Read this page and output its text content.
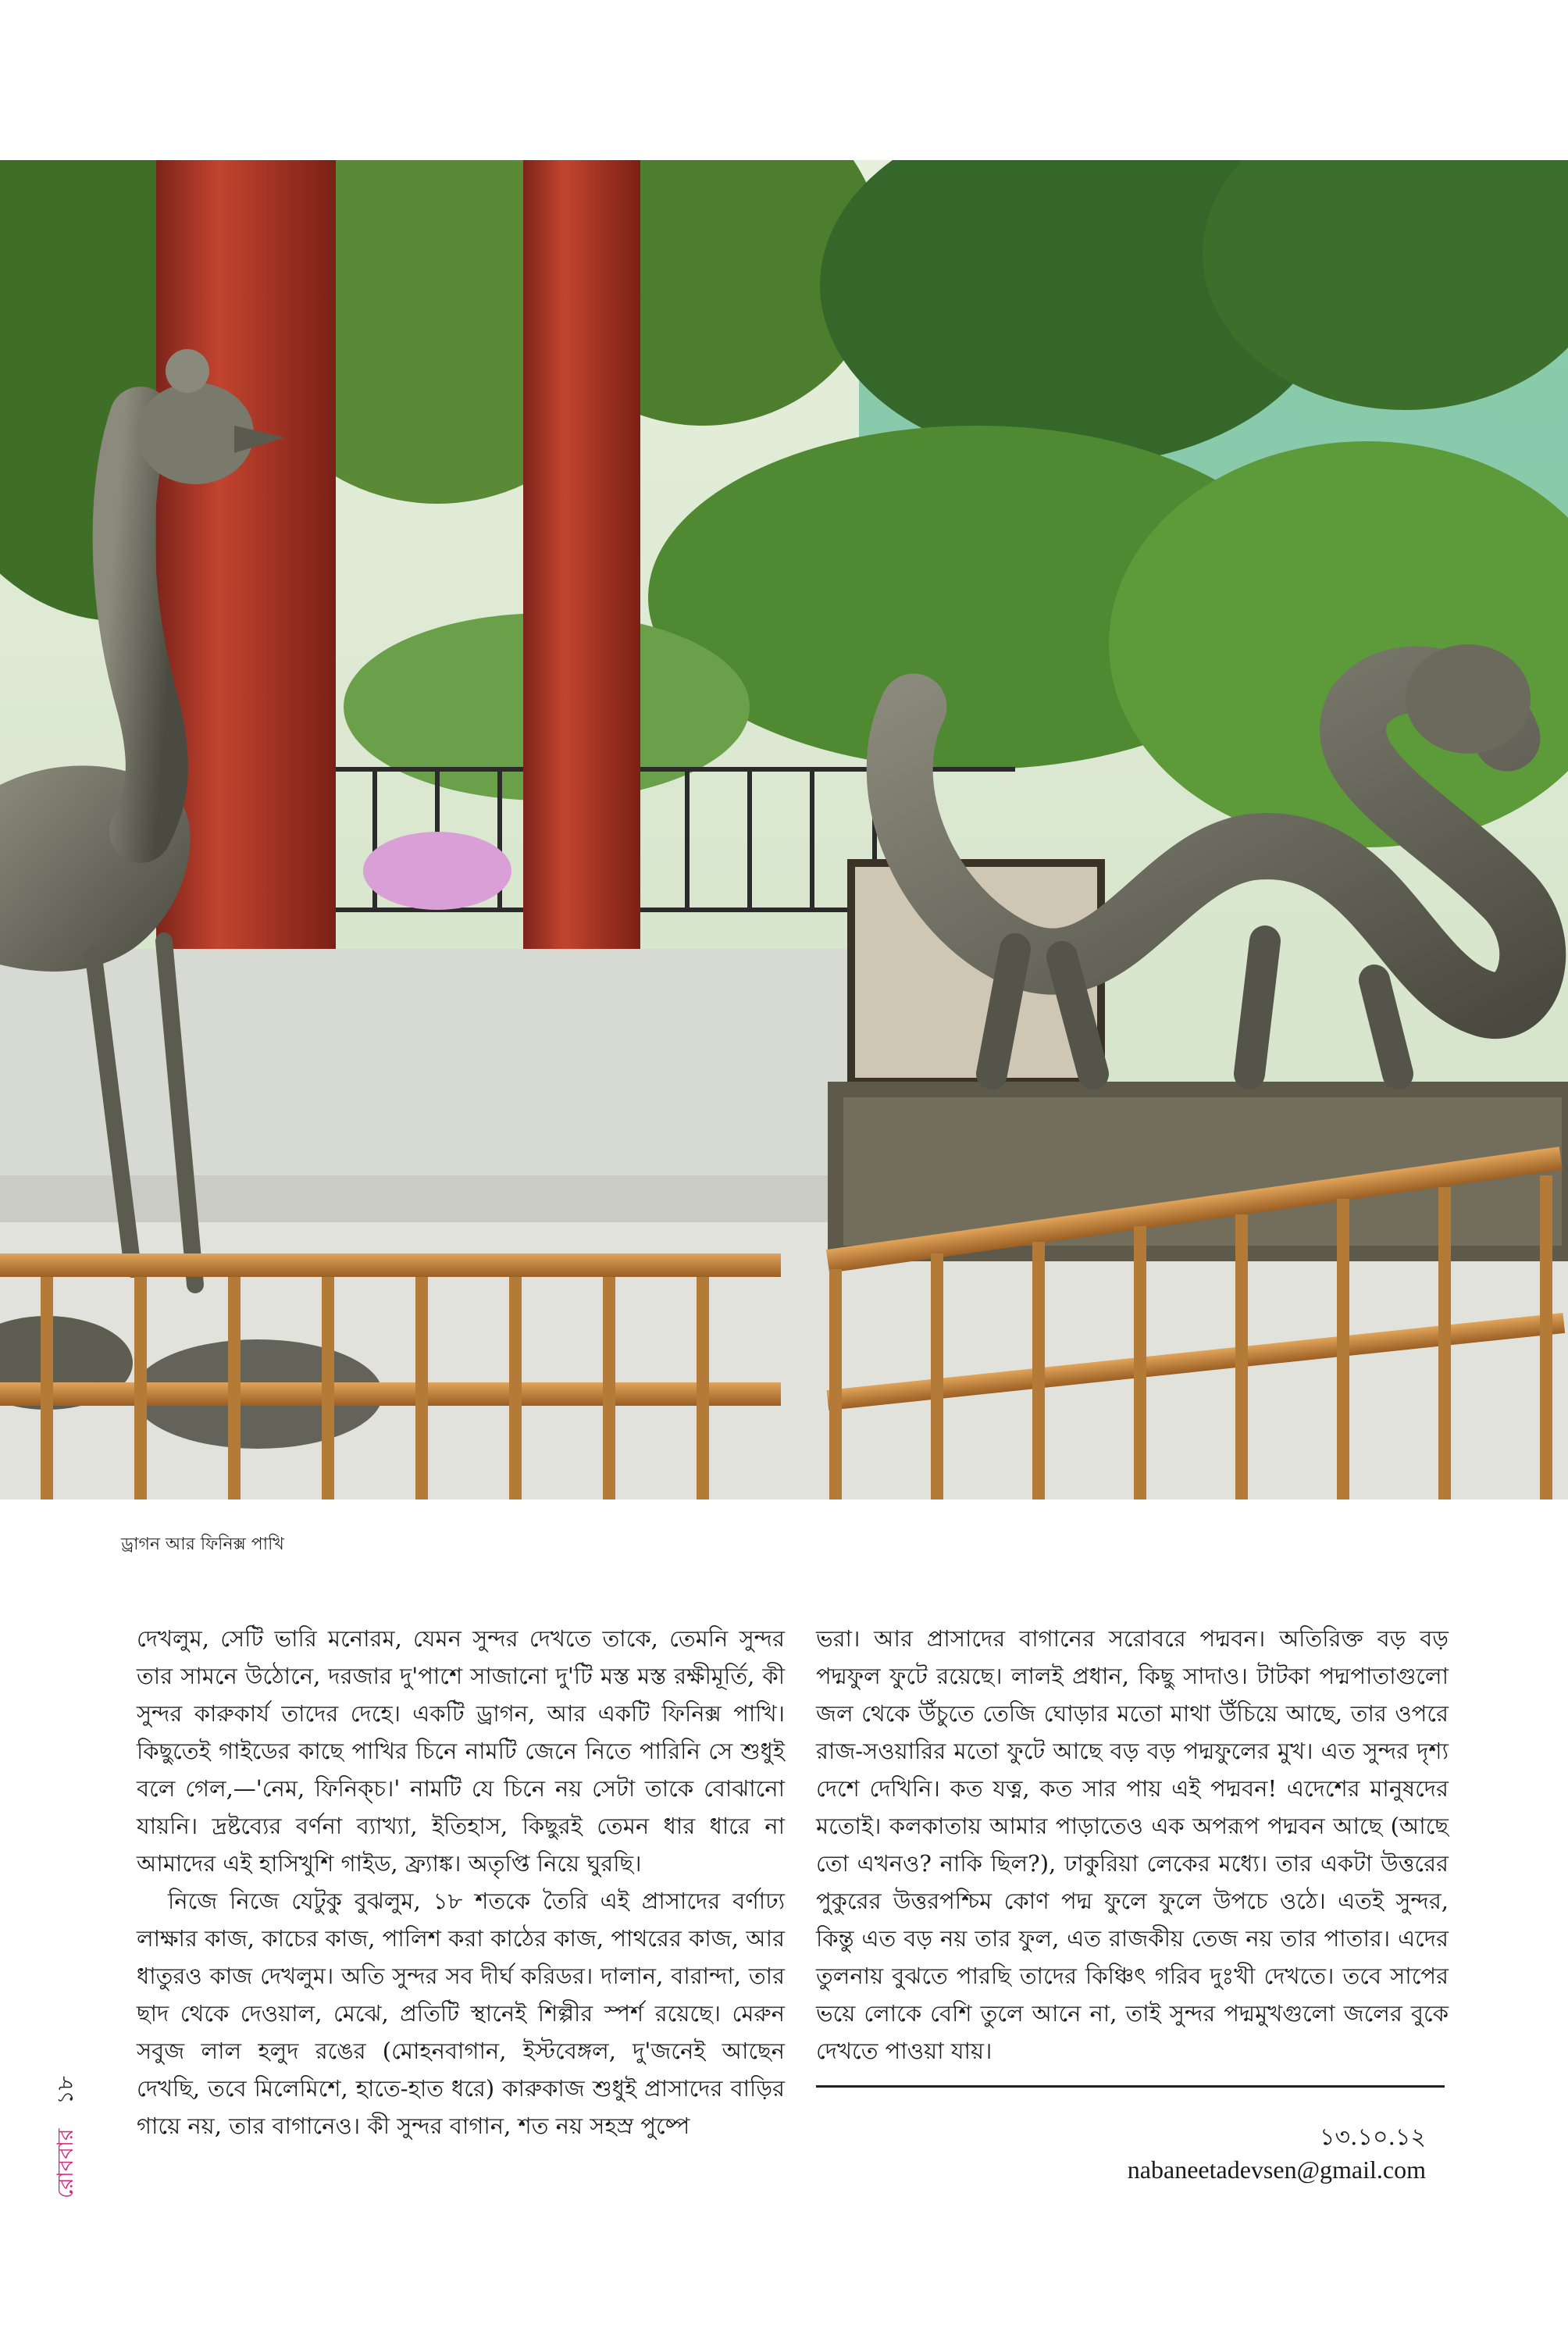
ড্রাগন আর ফিনিক্স পাখি

দেখলুম, সেটি ভারি মনোরম, যেমন সুন্দর দেখতে তাকে, তেমনি সুন্দর তার সামনে উঠোনে, দরজার দু'পাশে সাজানো দু'টি মস্ত মস্ত রক্ষীমূর্তি, কী সুন্দর কারুকার্য তাদের দেহে। একটি ড্রাগন, আর একটি ফিনিক্স পাখি। কিছুতেই গাইডের কাছে পাখির চিনে নামটি জেনে নিতে পারিনি সে শুধুই বলে গেল,—'নেম, ফিনিক্‌চ।' নামটি যে চিনে নয় সেটা তাকে বোঝানো যায়নি। দ্রষ্টব্যের বর্ণনা ব্যাখ্যা, ইতিহাস, কিছুরই তেমন ধার ধারে না আমাদের এই হাসিখুশি গাইড, ফ্র্যাঙ্ক। অতৃপ্তি নিয়ে ঘুরছি।

নিজে নিজে যেটুকু বুঝলুম, ১৮ শতকে তৈরি এই প্রাসাদের বর্ণাঢ্য লাক্ষার কাজ, কাচের কাজ, পালিশ করা কাঠের কাজ, পাথরের কাজ, আর ধাতুরও কাজ দেখলুম। অতি সুন্দর সব দীর্ঘ করিডর। দালান, বারান্দা, তার ছাদ থেকে দেওয়াল, মেঝে, প্রতিটি স্থানেই শিল্পীর স্পর্শ রয়েছে। মেরুন সবুজ লাল হলুদ রঙের (মোহনবাগান, ইস্টবেঙ্গল, দু'জনেই আছেন দেখছি, তবে মিলেমিশে, হাতে-হাত ধরে) কারুকাজ শুধুই প্রাসাদের বাড়ির গায়ে নয়, তার বাগানেও। কী সুন্দর বাগান, শত নয় সহস্র পুষ্পে

ভরা। আর প্রাসাদের বাগানের সরোবরে পদ্মবন। অতিরিক্ত বড় বড় পদ্মফুল ফুটে রয়েছে। লালই প্রধান, কিছু সাদাও। টাটকা পদ্মপাতাগুলো জল থেকে উঁচুতে তেজি ঘোড়ার মতো মাথা উঁচিয়ে আছে, তার ওপরে রাজ-সওয়ারির মতো ফুটে আছে বড় বড় পদ্মফুলের মুখ। এত সুন্দর দৃশ্য দেশে দেখিনি। কত যত্ন, কত সার পায় এই পদ্মবন! এদেশের মানুষদের মতোই। কলকাতায় আমার পাড়াতেও এক অপরূপ পদ্মবন আছে (আছে তো এখনও? নাকি ছিল?), ঢাকুরিয়া লেকের মধ্যে। তার একটা উত্তরের পুকুরের উত্তরপশ্চিম কোণ পদ্ম ফুলে ফুলে উপচে ওঠে। এতই সুন্দর, কিন্তু এত বড় নয় তার ফুল, এত রাজকীয় তেজ নয় তার পাতার। এদের তুলনায় বুঝতে পারছি তাদের কিঞ্চিৎ গরিব দুঃখী দেখতে। তবে সাপের ভয়ে লোকে বেশি তুলে আনে না, তাই সুন্দর পদ্মমুখগুলো জলের বুকে দেখতে পাওয়া যায়।

১৩.১০.১২
nabaneetadevsen@gmail.com
রোববার ১৮
